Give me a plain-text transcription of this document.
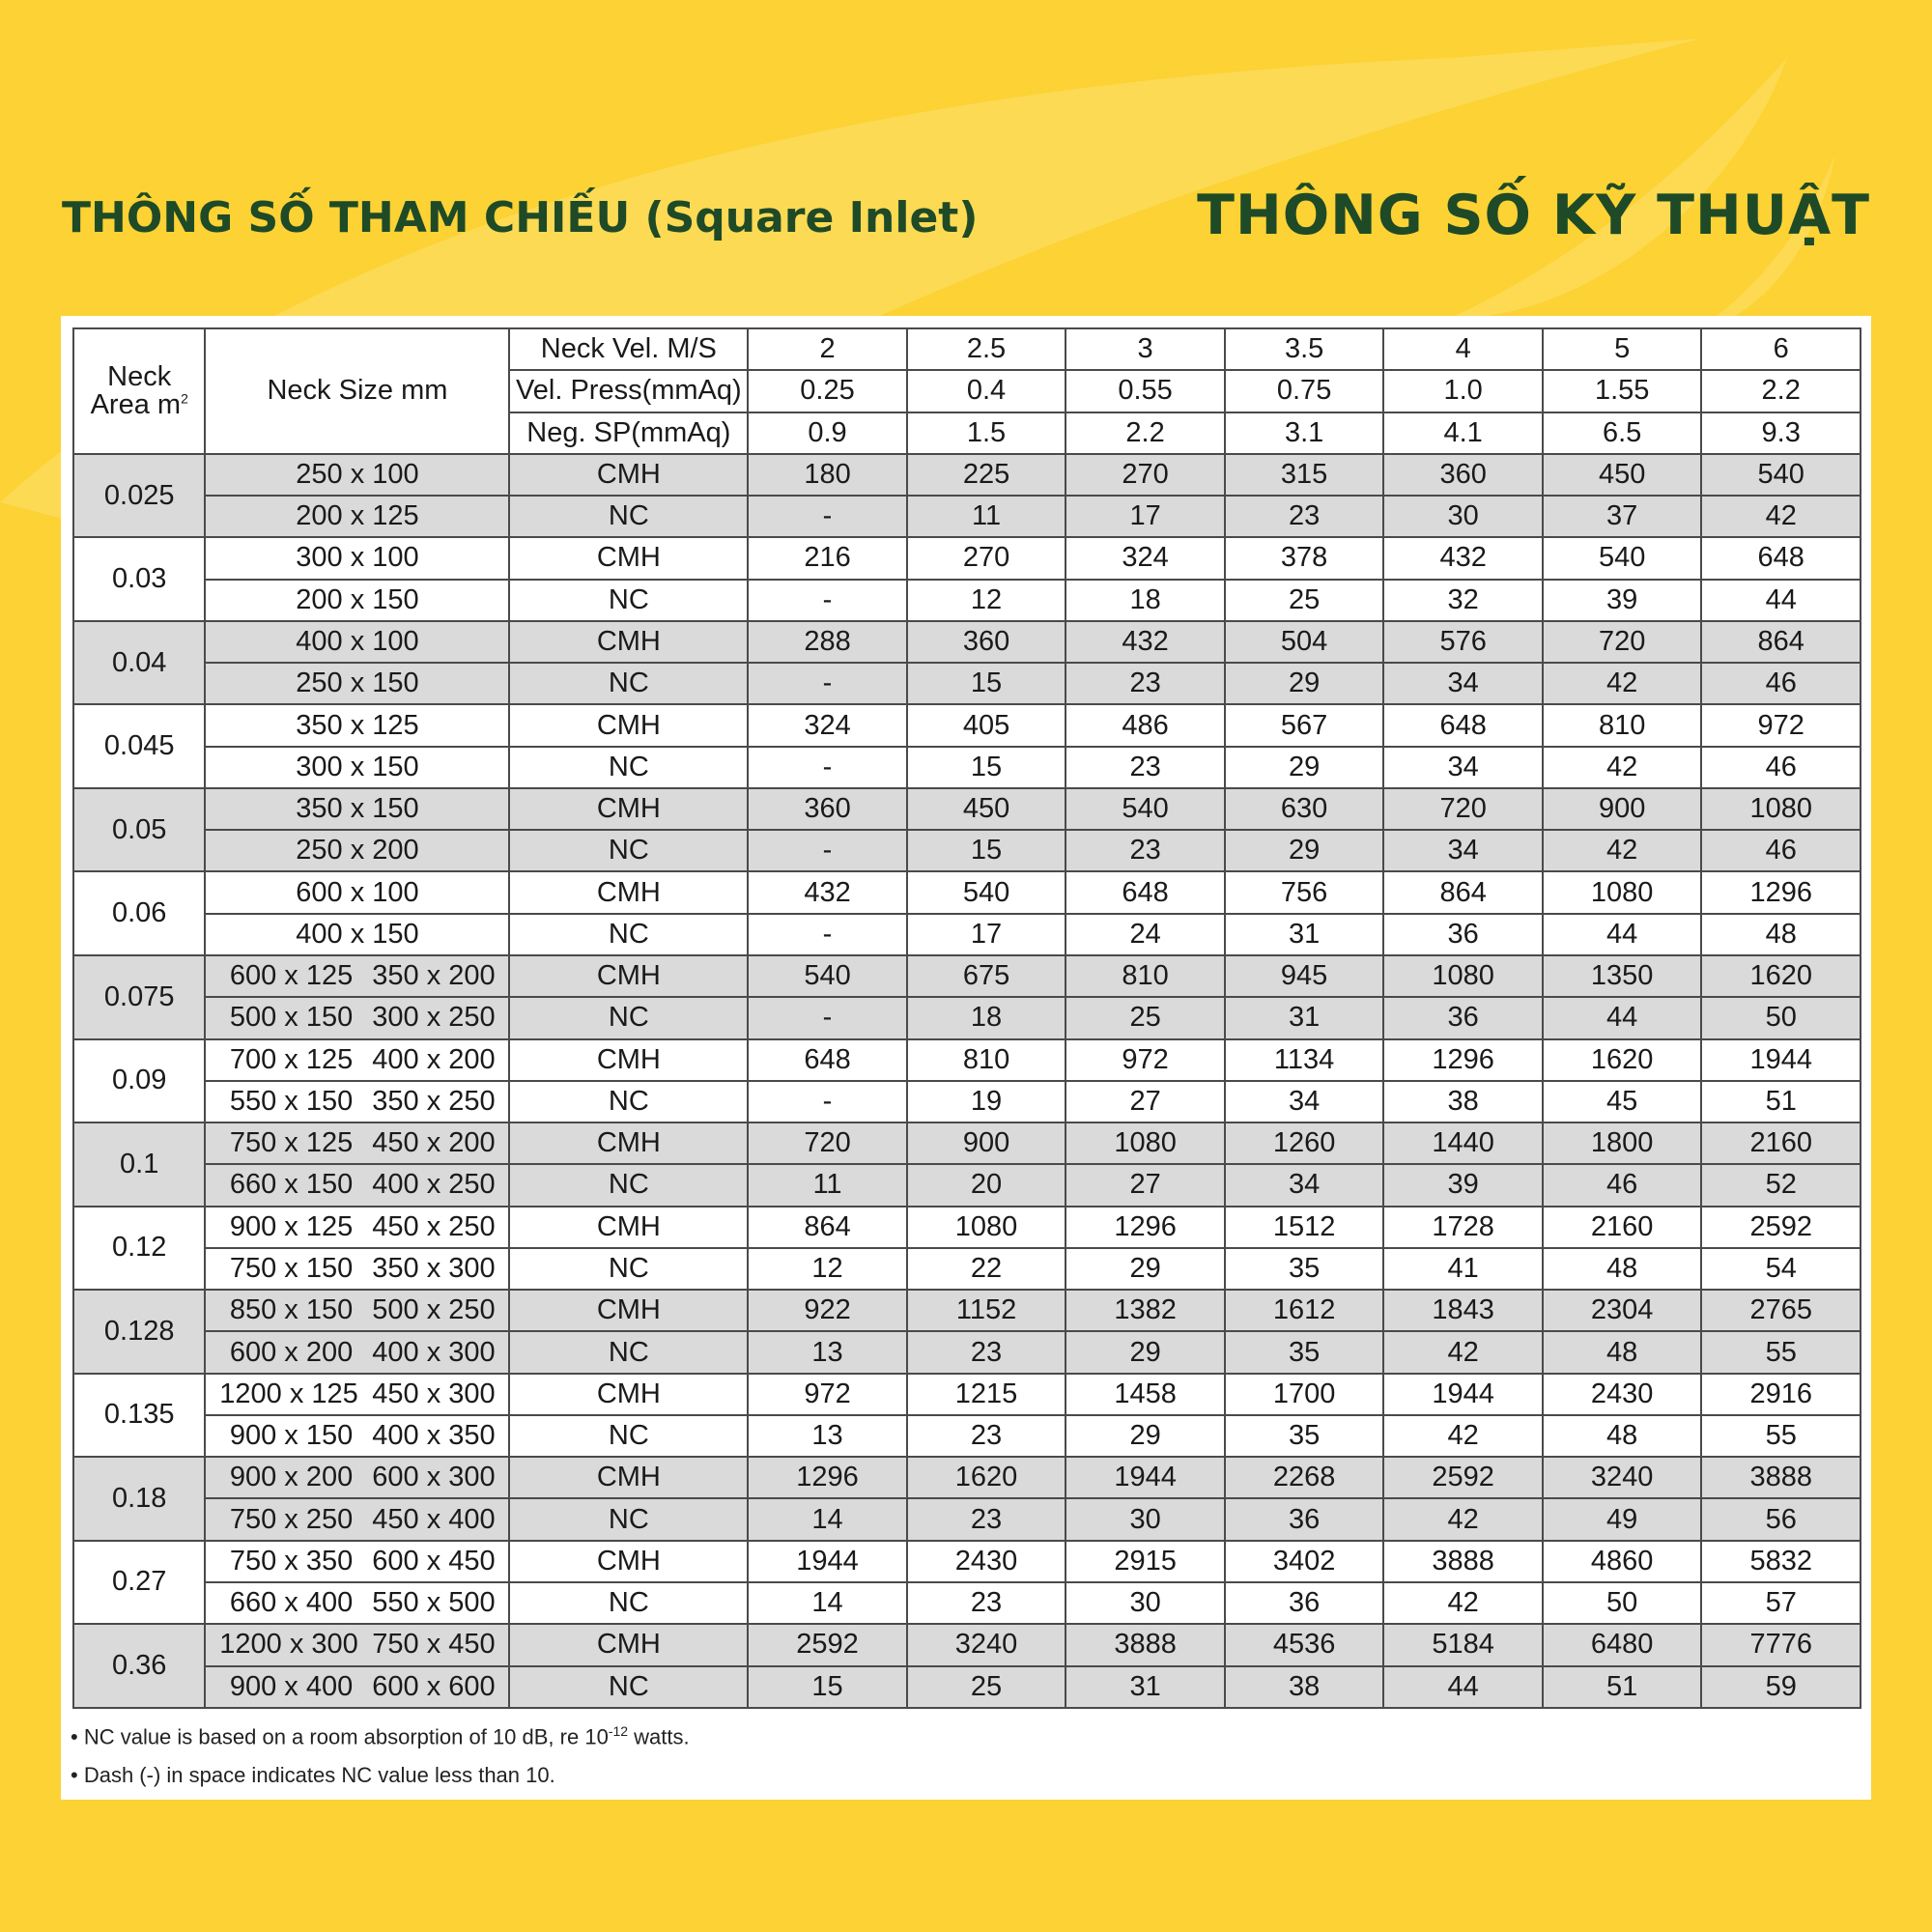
THÔNG SỐ THAM CHIẾU (Square Inlet)	THÔNG SỐ KỸ THUẬT
Neck
Area $m^2$	Neck Size mm	Neck Vel. M/S	2	2.5	3	3.5	4	5	6
		Vel. Press(mmAq)	0.25	0.4	0.55	0.75	1.0	1.55	2.2
		Neg. SP(mmAq)	0.9	1.5	2.2	3.1	4.1	6.5	9.3
0.025	250 x 100	CMH	180	225	270	315	360	450	540
	200 x 125	NC	-	11	17	23	30	37	42
0.03	300 x 100	CMH	216	270	324	378	432	540	648
	200 x 150	NC	-	12	18	25	32	39	44
0.04	400 x 100	CMH	288	360	432	504	576	720	864
	250 x 150	NC	-	15	23	29	34	42	46
0.045	350 x 125	CMH	324	405	486	567	648	810	972
	300 x 150	NC	-	15	23	29	34	42	46
0.05	350 x 150	CMH	360	450	540	630	720	900	1080
	250 x 200	NC	-	15	23	29	34	42	46
0.06	600 x 100	CMH	432	540	648	756	864	1080	1296
	400 x 150	NC	-	17	24	31	36	44	48
0.075	600 x 125 350 x 200	CMH	540	675	810	945	1080	1350	1620
	500 x 150 300 x 250	NC	-	18	25	31	36	44	50
0.09	700 x 125 400 x 200	CMH	648	810	972	1134	1296	1620	1944
	550 x 150 350 x 250	NC	-	19	27	34	38	45	51
0.1	750 x 125 450 x 200	CMH	720	900	1080	1260	1440	1800	2160
	660 x 150 400 x 250	NC	11	20	27	34	39	46	52
0.12	900 x 125 450 x 250	CMH	864	1080	1296	1512	1728	2160	2592
	750 x 150 350 x 300	NC	12	22	29	35	41	48	54
0.128	850 x 150 500 x 250	CMH	922	1152	1382	1612	1843	2304	2765
	600 x 200 400 x 300	NC	13	23	29	35	42	48	55
0.135	1200 x 125 450 x 300	CMH	972	1215	1458	1700	1944	2430	2916
	900 x 150 400 x 350	NC	13	23	29	35	42	48	55
0.18	900 x 200 600 x 300	CMH	1296	1620	1944	2268	2592	3240	3888
	750 x 250 450 x 400	NC	14	23	30	36	42	49	56
0.27	750 x 350 600 x 450	CMH	1944	2430	2915	3402	3888	4860	5832
	660 x 400 550 x 500	NC	14	23	30	36	42	50	57
0.36	1200 x 300 750 x 450	CMH	2592	3240	3888	4536	5184	6480	7776
	900 x 400 600 x 600	NC	15	25	31	38	44	51	59

• NC value is based on a room absorption of 10 dB, re $10^{-12}$ watts.

• Dash (-) in space indicates NC value less than 10.
